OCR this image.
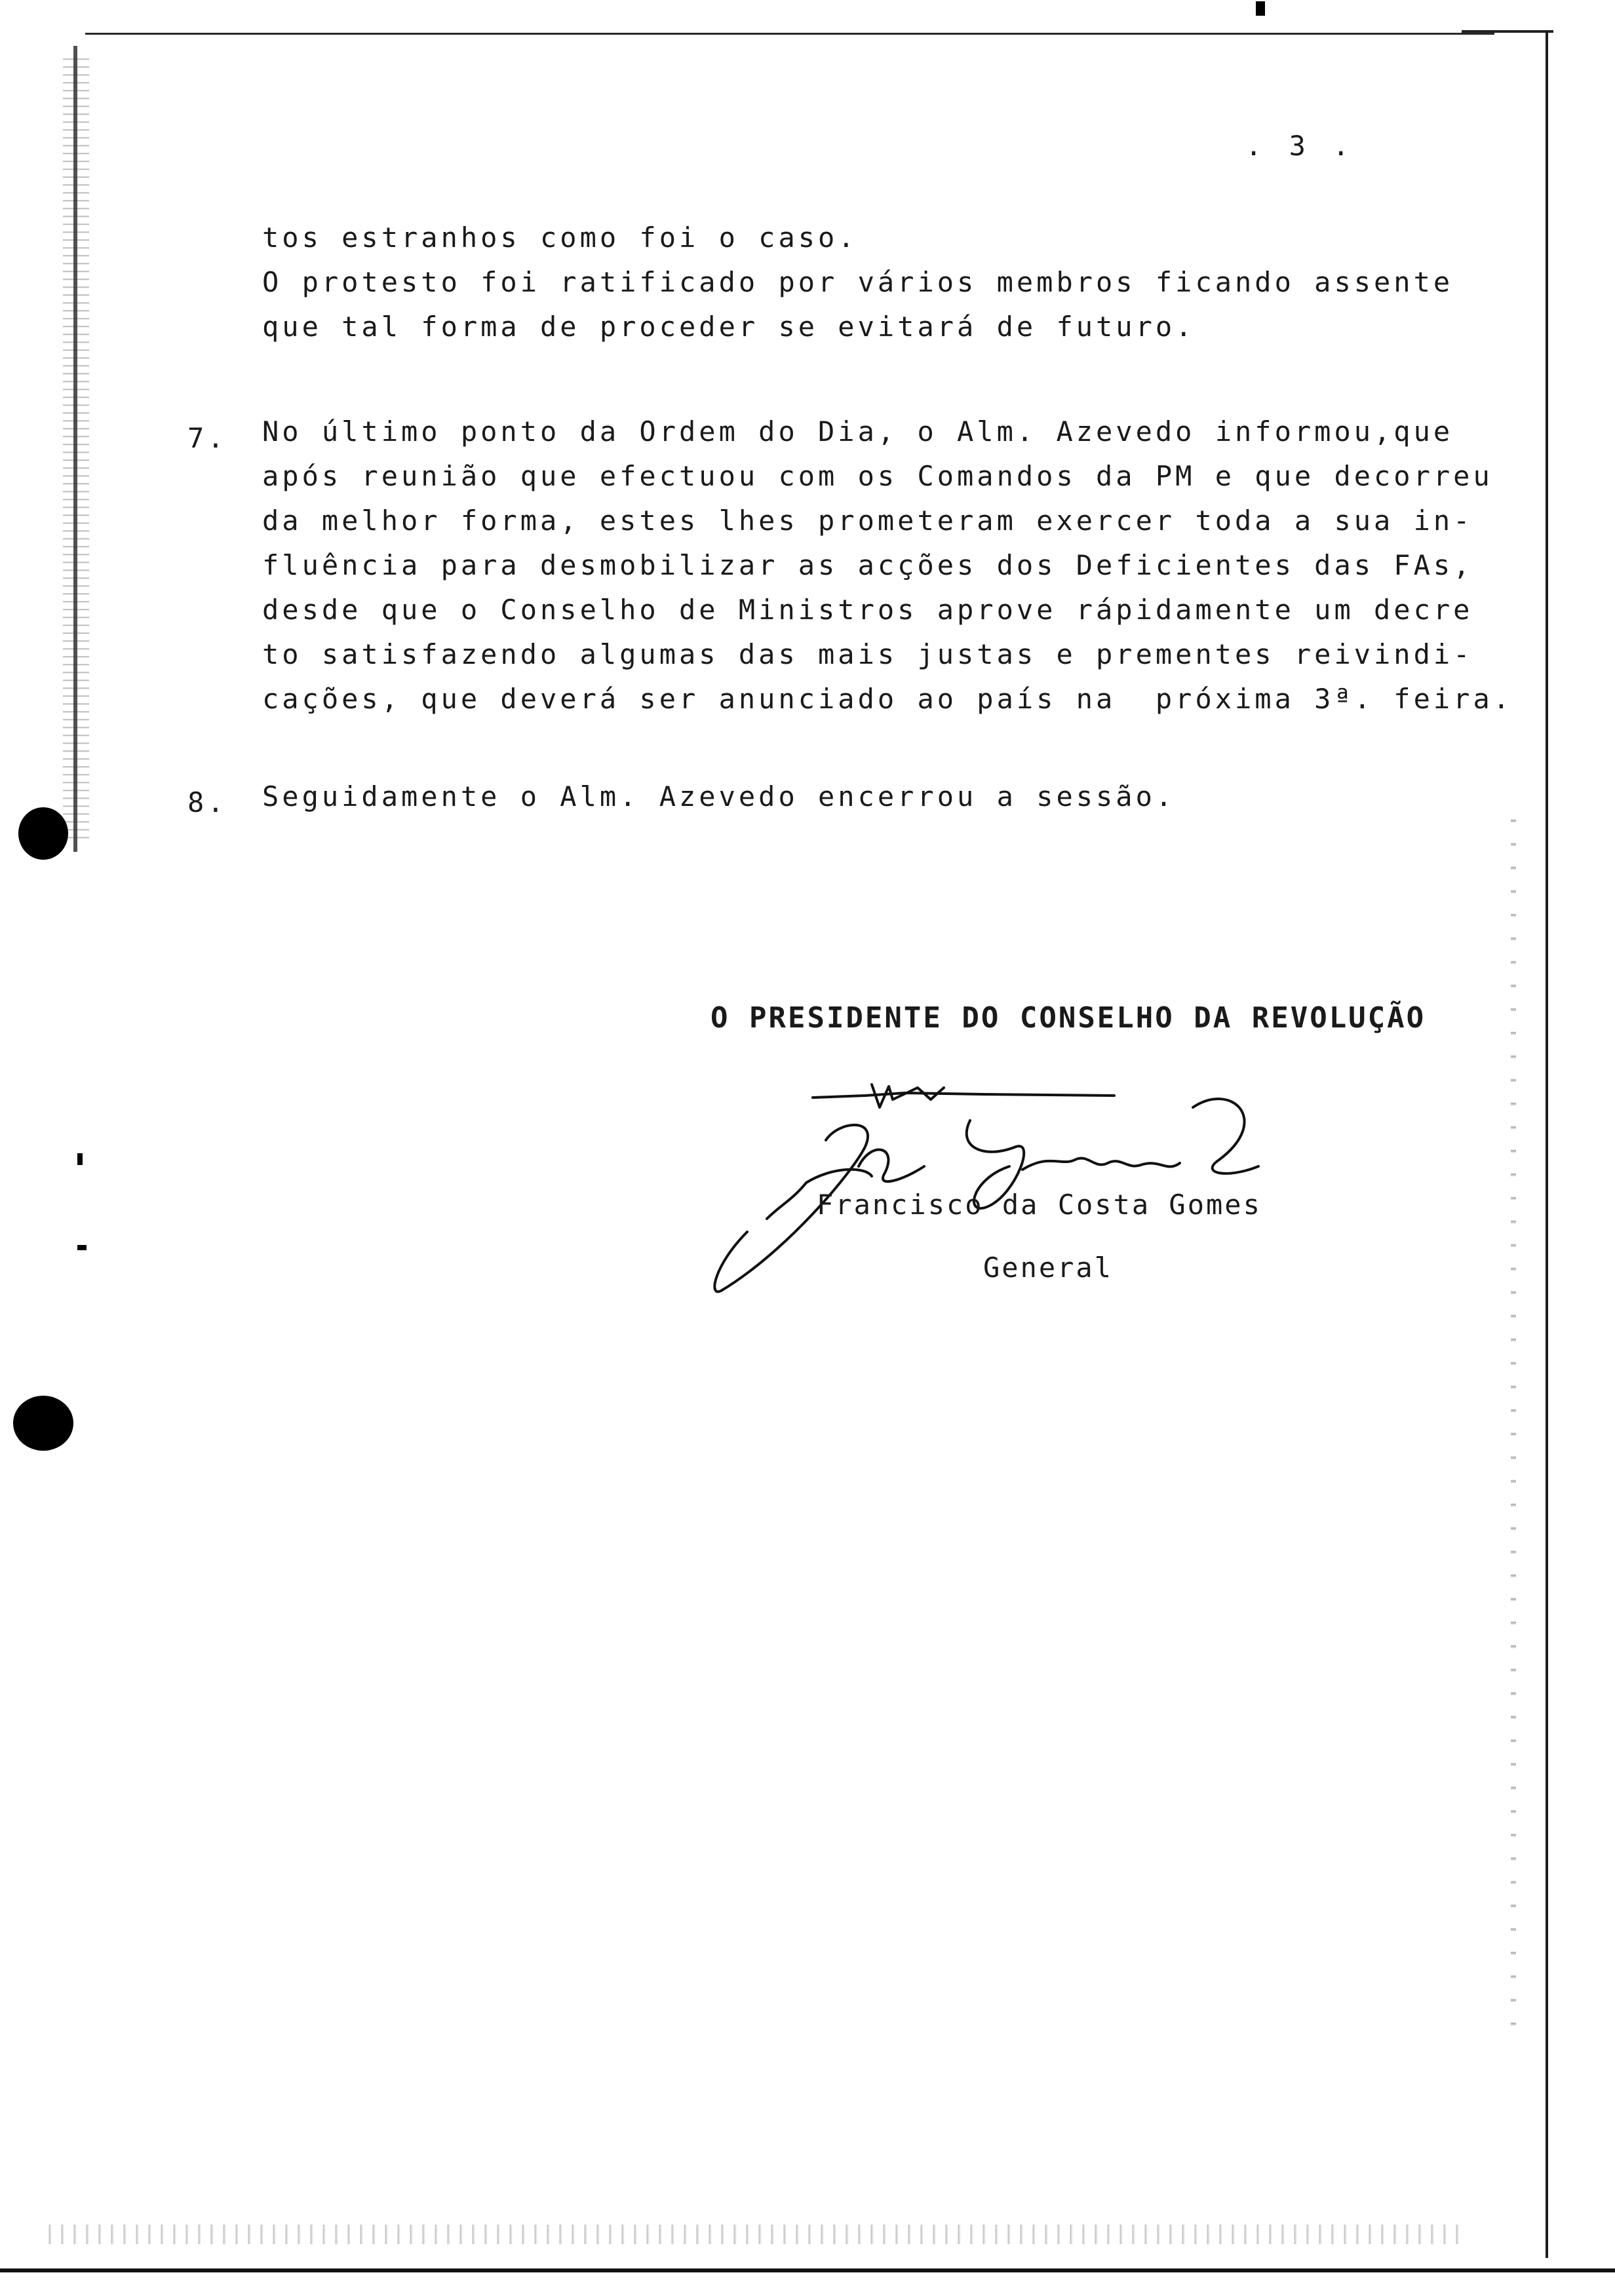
. 3 .
tos estranhos como foi o caso.
O protesto foi ratificado por vários membros ficando assente
que tal forma de proceder se evitará de futuro.
7. No último ponto da Ordem do Dia, o Alm. Azevedo informou,que
após reunião que efectuou com os Comandos da PM e que decorreu
da melhor forma, estes lhes prometeram exercer toda a sua in-
fluência para desmobilizar as acções dos Deficientes das FAs,
desde que o Conselho de Ministros aprove rápidamente um decre
to satisfazendo algumas das mais justas e prementes reivindi-
cações, que deverá ser anunciado ao país na  próxima 3ª. feira.
8. Seguidamente o Alm. Azevedo encerrou a sessão.
O PRESIDENTE DO CONSELHO DA REVOLUÇÃO
Francisco da Costa Gomes
General
